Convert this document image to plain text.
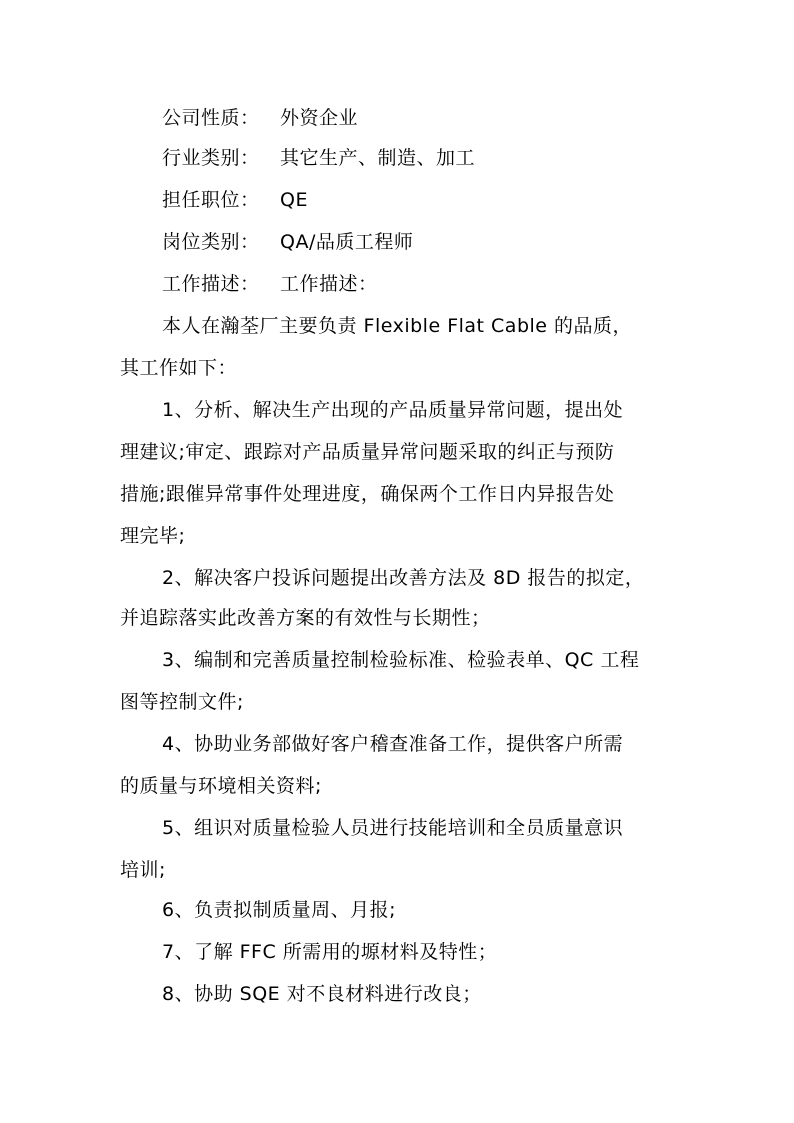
公司性质： 外资企业
行业类别： 其它生产、制造、加工
担任职位： QE
岗位类别： QA/品质工程师
工作描述： 工作描述：
本人在瀚荃厂主要负责 Flexible Flat Cable 的品质，
其工作如下：
1、分析、解决生产出现的产品质量异常问题，提出处
理建议;审定、跟踪对产品质量异常问题采取的纠正与预防
措施;跟催异常事件处理进度，确保两个工作日内异报告处
理完毕;
2、解决客户投诉问题提出改善方法及 8D 报告的拟定，
并追踪落实此改善方案的有效性与长期性；
3、编制和完善质量控制检验标准、检验表单、QC 工程
图等控制文件;
4、协助业务部做好客户稽查准备工作，提供客户所需
的质量与环境相关资料;
5、组识对质量检验人员进行技能培训和全员质量意识
培训;
6、负责拟制质量周、月报;
7、了解 FFC 所需用的塬材料及特性；
8、协助 SQE 对不良材料进行改良；
